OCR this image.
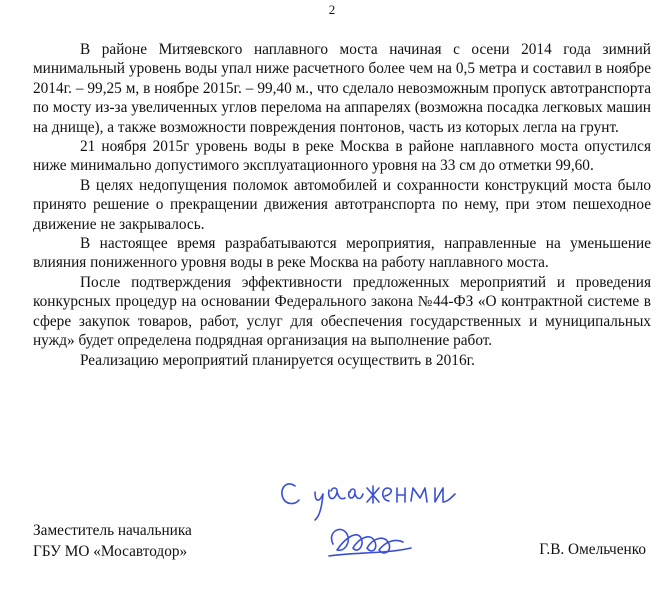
2

В районе Митяевского наплавного моста начиная с осени 2014 года зимний минимальный уровень воды упал ниже расчетного более чем на 0,5 метра и составил в ноябре 2014г. – 99,25 м, в ноябре 2015г. – 99,40 м., что сделало невозможным пропуск автотранспорта по мосту из-за увеличенных углов перелома на аппарелях (возможна посадка легковых машин на днище), а также возможности повреждения понтонов, часть из которых легла на грунт.

21 ноября 2015г уровень воды в реке Москва в районе наплавного моста опустился ниже минимально допустимого эксплуатационного уровня на 33 см до отметки 99,60.

В целях недопущения поломок автомобилей и сохранности конструкций моста было принято решение о прекращении движения автотранспорта по нему, при этом пешеходное движение не закрывалось.

В настоящее время разрабатываются мероприятия, направленные на уменьшение влияния пониженного уровня воды в реке Москва на работу наплавного моста.

После подтверждения эффективности предложенных мероприятий и проведения конкурсных процедур на основании Федерального закона №44-ФЗ «О контрактной системе в сфере закупок товаров, работ, услуг для обеспечения государственных и муниципальных нужд» будет определена подрядная организация на выполнение работ.

Реализацию мероприятий планируется осуществить в 2016г.

Заместитель начальника
ГБУ МО «Мосавтодор»	Г.В. Омельченко
